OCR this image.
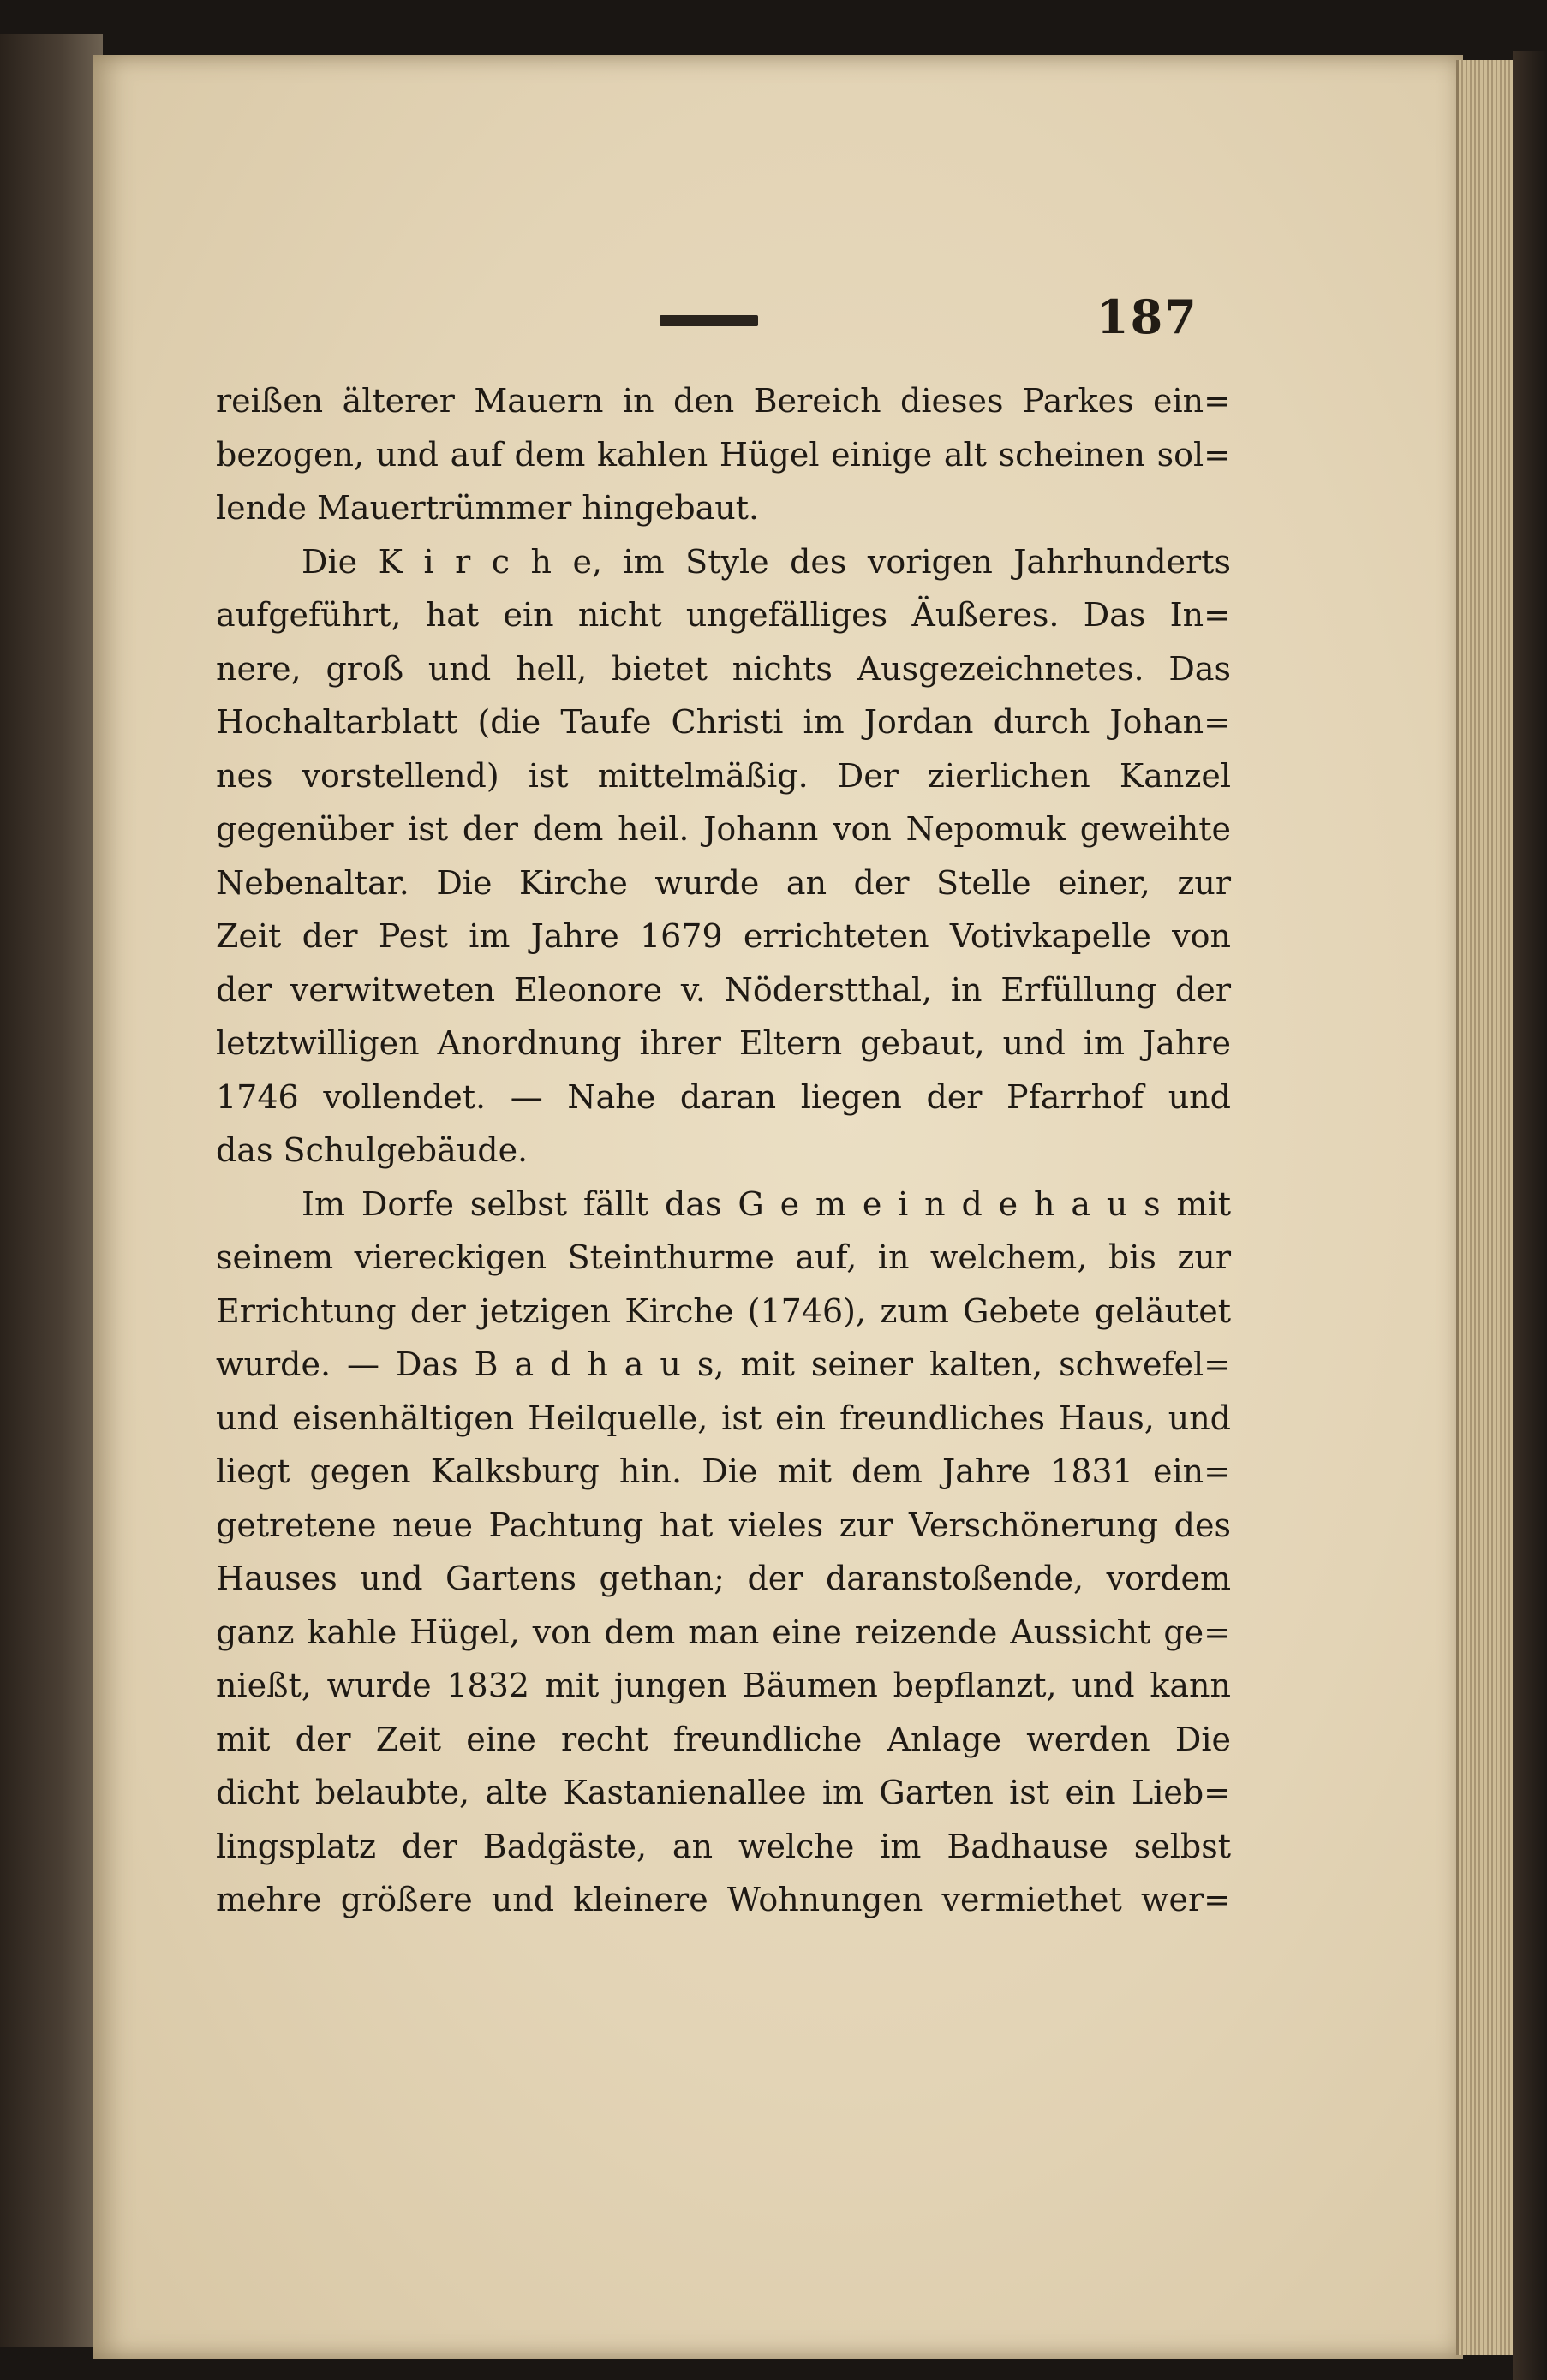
187
reißen älterer Mauern in den Bereich dieses Parkes ein=
bezogen, und auf dem kahlen Hügel einige alt scheinen sol=
lende Mauertrümmer hingebaut.
Die K i r c h e, im Style des vorigen Jahrhunderts
aufgeführt, hat ein nicht ungefälliges Äußeres. Das In=
nere, groß und hell, bietet nichts Ausgezeichnetes. Das
Hochaltarblatt (die Taufe Christi im Jordan durch Johan=
nes vorstellend) ist mittelmäßig. Der zierlichen Kanzel
gegenüber ist der dem heil. Johann von Nepomuk geweihte
Nebenaltar. Die Kirche wurde an der Stelle einer, zur
Zeit der Pest im Jahre 1679 errichteten Votivkapelle von
der verwitweten Eleonore v. Nöderstthal, in Erfüllung der
letztwilligen Anordnung ihrer Eltern gebaut, und im Jahre
1746 vollendet. — Nahe daran liegen der Pfarrhof und
das Schulgebäude.
Im Dorfe selbst fällt das G e m e i n d e h a u s mit
seinem viereckigen Steinthurme auf, in welchem, bis zur
Errichtung der jetzigen Kirche (1746), zum Gebete geläutet
wurde. — Das B a d h a u s, mit seiner kalten, schwefel=
und eisenhältigen Heilquelle, ist ein freundliches Haus, und
liegt gegen Kalksburg hin. Die mit dem Jahre 1831 ein=
getretene neue Pachtung hat vieles zur Verschönerung des
Hauses und Gartens gethan; der daranstoßende, vordem
ganz kahle Hügel, von dem man eine reizende Aussicht ge=
nießt, wurde 1832 mit jungen Bäumen bepflanzt, und kann
mit der Zeit eine recht freundliche Anlage werden Die
dicht belaubte, alte Kastanienallee im Garten ist ein Lieb=
lingsplatz der Badgäste, an welche im Badhause selbst
mehre größere und kleinere Wohnungen vermiethet wer=
